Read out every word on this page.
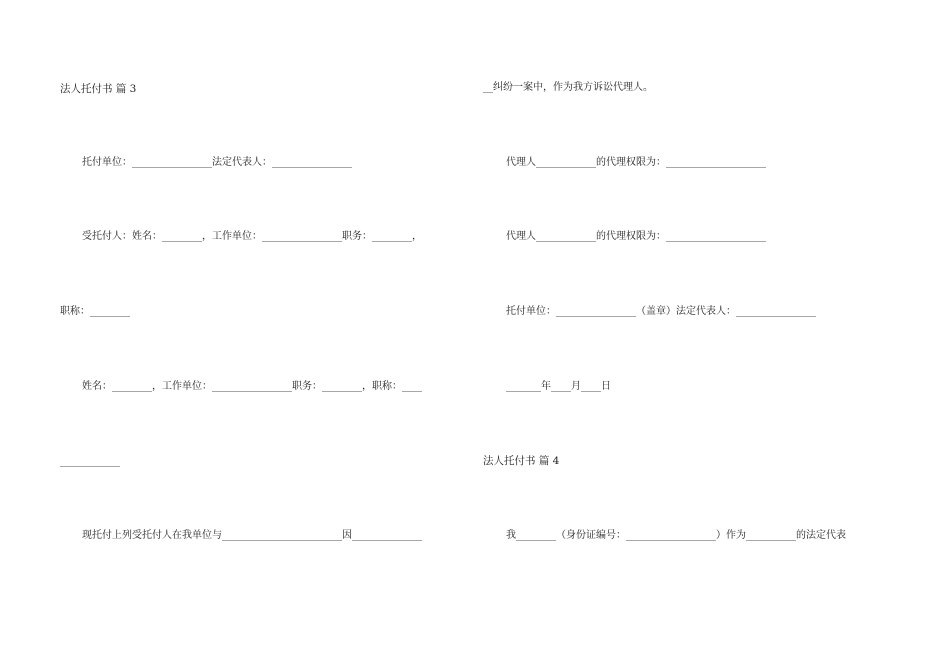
法人托付书 篇 3
托付单位：________________法定代表人：________________
受托付人：姓名：________，工作单位：________________职务：________，
职称：________
姓名：________，工作单位：________________职务：________，职称：____
____________
现托付上列受托付人在我单位与________________________因______________
__纠纷一案中，作为我方诉讼代理人。
代理人____________的代理权限为：____________________
代理人____________的代理权限为：____________________
托付单位：________________（盖章）法定代表人：________________
_______年____月____日
法人托付书 篇 4
我________（身份证编号：__________________）作为__________的法定代表
